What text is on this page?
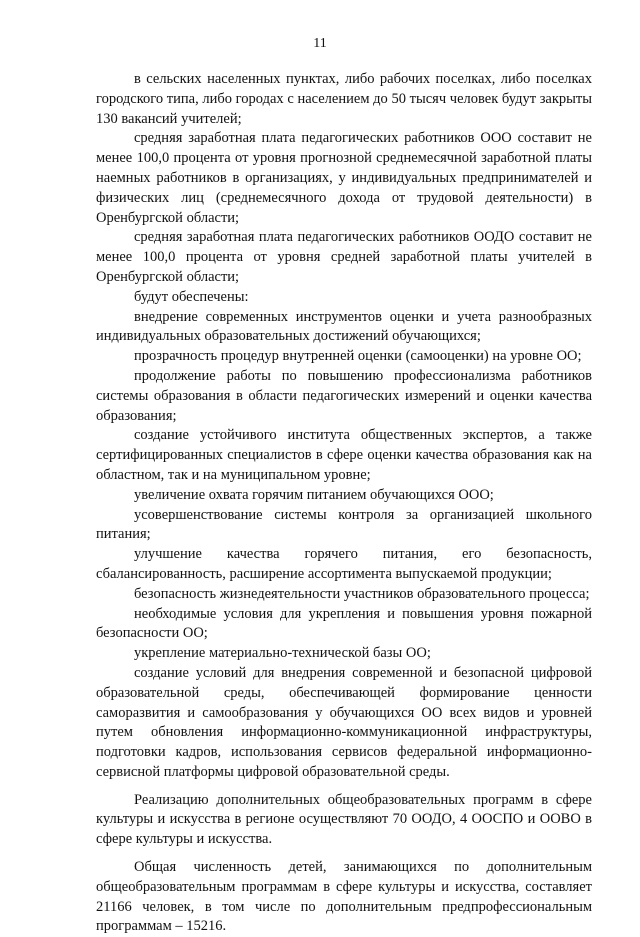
11

в сельских населенных пунктах, либо рабочих поселках, либо поселках городского типа, либо городах с населением до 50 тысяч человек будут закрыты 130 вакансий учителей;

средняя заработная плата педагогических работников ООО составит не менее 100,0 процента от уровня прогнозной среднемесячной заработной платы наемных работников в организациях, у индивидуальных предпринимателей и физических лиц (среднемесячного дохода от трудовой деятельности) в Оренбургской области;

средняя заработная плата педагогических работников ООДО составит не менее 100,0 процента от уровня средней заработной платы учителей в Оренбургской области;

будут обеспечены:

внедрение современных инструментов оценки и учета разнообразных индивидуальных образовательных достижений обучающихся;

прозрачность процедур внутренней оценки (самооценки) на уровне ОО;

продолжение работы по повышению профессионализма работников системы образования в области педагогических измерений и оценки качества образования;

создание устойчивого института общественных экспертов, а также сертифицированных специалистов в сфере оценки качества образования как на областном, так и на муниципальном уровне;

увеличение охвата горячим питанием обучающихся ООО;

усовершенствование системы контроля за организацией школьного питания;

улучшение качества горячего питания, его безопасность, сбалансированность, расширение ассортимента выпускаемой продукции;

безопасность жизнедеятельности участников образовательного процесса;

необходимые условия для укрепления и повышения уровня пожарной безопасности ОО;

укрепление материально-технической базы ОО;

создание условий для внедрения современной и безопасной цифровой образовательной среды, обеспечивающей формирование ценности саморазвития и самообразования у обучающихся ОО всех видов и уровней путем обновления информационно-коммуникационной инфраструктуры, подготовки кадров, использования сервисов федеральной информационно-сервисной платформы цифровой образовательной среды.

Реализацию дополнительных общеобразовательных программ в сфере культуры и искусства в регионе осуществляют 70 ООДО, 4 ООСПО и ООВО в сфере культуры и искусства.

Общая численность детей, занимающихся по дополнительным общеобразовательным программам в сфере культуры и искусства, составляет 21166 человек, в том числе по дополнительным предпрофессиональным программам – 15216.
